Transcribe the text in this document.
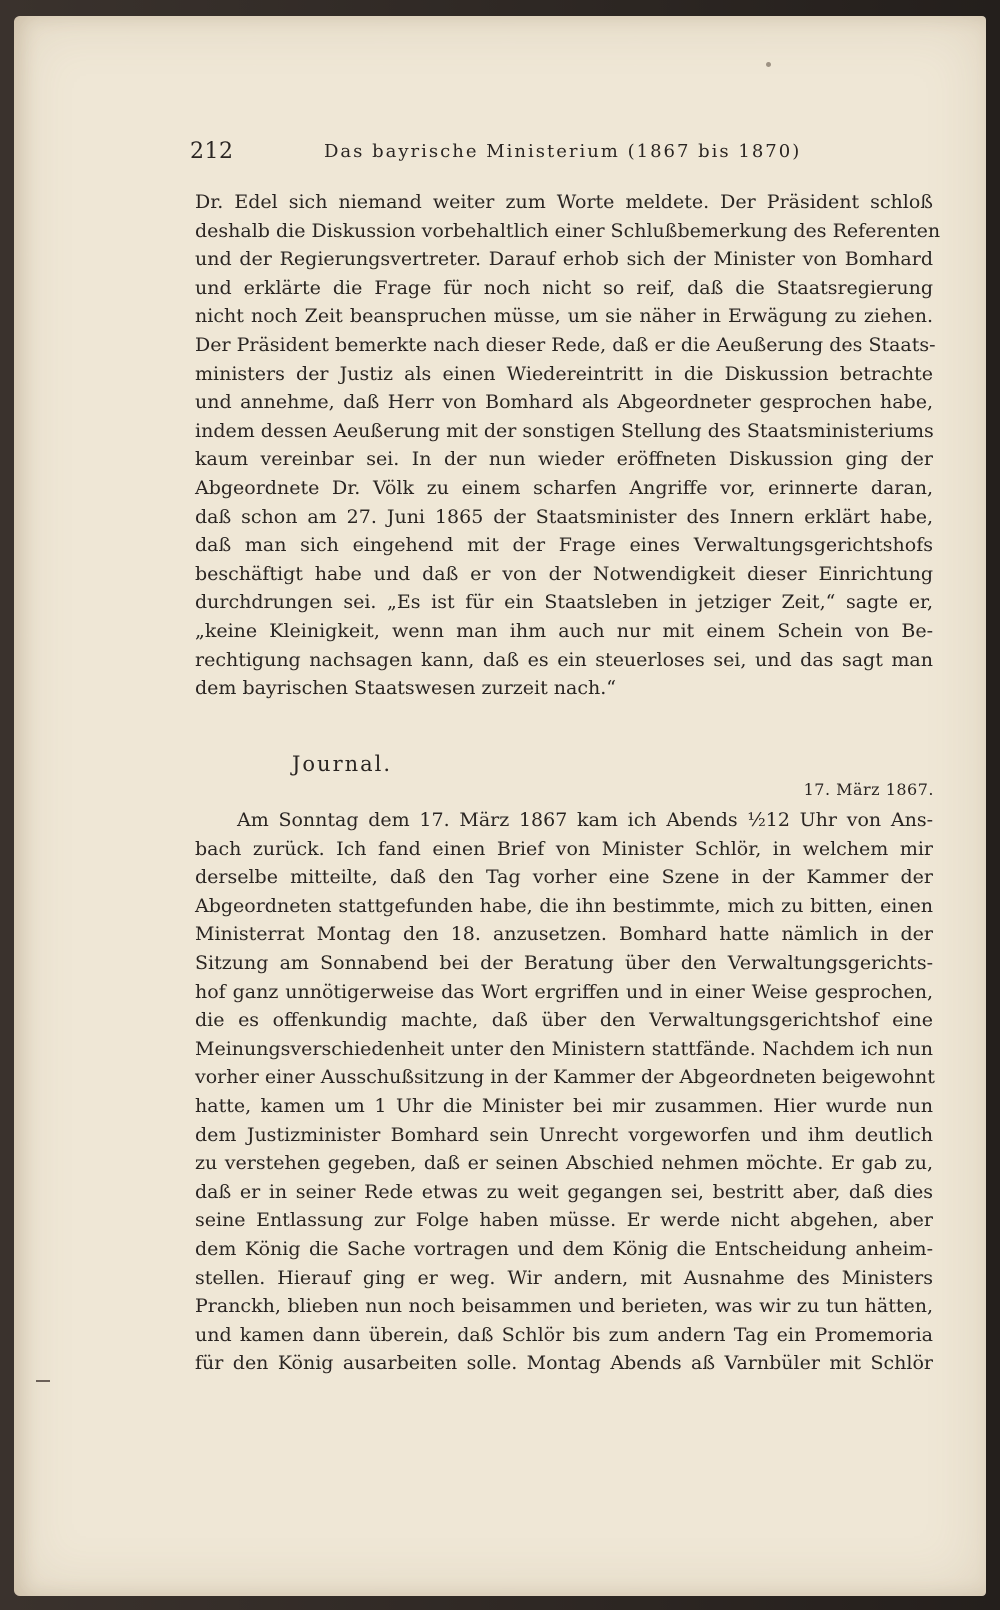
212	Das bayrische Ministerium (1867 bis 1870)
Dr. Edel sich niemand weiter zum Worte meldete. Der Präsident schloß
deshalb die Diskussion vorbehaltlich einer Schlußbemerkung des Referenten
und der Regierungsvertreter. Darauf erhob sich der Minister von Bomhard
und erklärte die Frage für noch nicht so reif, daß die Staatsregierung
nicht noch Zeit beanspruchen müsse, um sie näher in Erwägung zu ziehen.
Der Präsident bemerkte nach dieser Rede, daß er die Aeußerung des Staats-
ministers der Justiz als einen Wiedereintritt in die Diskussion betrachte
und annehme, daß Herr von Bomhard als Abgeordneter gesprochen habe,
indem dessen Aeußerung mit der sonstigen Stellung des Staatsministeriums
kaum vereinbar sei. In der nun wieder eröffneten Diskussion ging der
Abgeordnete Dr. Völk zu einem scharfen Angriffe vor, erinnerte daran,
daß schon am 27. Juni 1865 der Staatsminister des Innern erklärt habe,
daß man sich eingehend mit der Frage eines Verwaltungsgerichtshofs
beschäftigt habe und daß er von der Notwendigkeit dieser Einrichtung
durchdrungen sei. „Es ist für ein Staatsleben in jetziger Zeit,“ sagte er,
„keine Kleinigkeit, wenn man ihm auch nur mit einem Schein von Be-
rechtigung nachsagen kann, daß es ein steuerloses sei, und das sagt man
dem bayrischen Staatswesen zurzeit nach.“
Journal.
17. März 1867.
Am Sonntag dem 17. März 1867 kam ich Abends ½12 Uhr von Ans-
bach zurück. Ich fand einen Brief von Minister Schlör, in welchem mir
derselbe mitteilte, daß den Tag vorher eine Szene in der Kammer der
Abgeordneten stattgefunden habe, die ihn bestimmte, mich zu bitten, einen
Ministerrat Montag den 18. anzusetzen. Bomhard hatte nämlich in der
Sitzung am Sonnabend bei der Beratung über den Verwaltungsgerichts-
hof ganz unnötigerweise das Wort ergriffen und in einer Weise gesprochen,
die es offenkundig machte, daß über den Verwaltungsgerichtshof eine
Meinungsverschiedenheit unter den Ministern stattfände. Nachdem ich nun
vorher einer Ausschußsitzung in der Kammer der Abgeordneten beigewohnt
hatte, kamen um 1 Uhr die Minister bei mir zusammen. Hier wurde nun
dem Justizminister Bomhard sein Unrecht vorgeworfen und ihm deutlich
zu verstehen gegeben, daß er seinen Abschied nehmen möchte. Er gab zu,
daß er in seiner Rede etwas zu weit gegangen sei, bestritt aber, daß dies
seine Entlassung zur Folge haben müsse. Er werde nicht abgehen, aber
dem König die Sache vortragen und dem König die Entscheidung anheim-
stellen. Hierauf ging er weg. Wir andern, mit Ausnahme des Ministers
Pranckh, blieben nun noch beisammen und berieten, was wir zu tun hätten,
und kamen dann überein, daß Schlör bis zum andern Tag ein Promemoria
für den König ausarbeiten solle. Montag Abends aß Varnbüler mit Schlör
